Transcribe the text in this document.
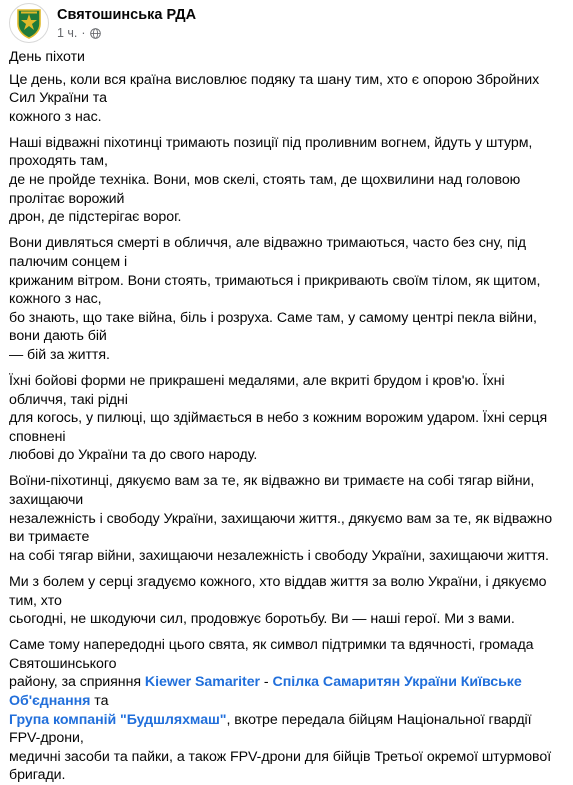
Святошинська РДА
1 ч. ·

День піхоти

Це день, коли вся країна висловлює подяку та шану тим, хто є опорою Збройних Сил України та
кожного з нас.

Наші відважні піхотинці тримають позиції під проливним вогнем, йдуть у штурм, проходять там,
де не пройде техніка. Вони, мов скелі, стоять там, де щохвилини над головою пролітає ворожий
дрон, де підстерігає ворог.

Вони дивляться смерті в обличчя, але відважно тримаються, часто без сну, під палючим сонцем і
крижаним вітром. Вони стоять, тримаються і прикривають своїм тілом, як щитом, кожного з нас,
бо знають, що таке війна, біль і розруха. Саме там, у самому центрі пекла війни, вони дають бій
— бій за життя.

Їхні бойові форми не прикрашені медалями, але вкриті брудом і кров'ю. Їхні обличчя, такі рідні
для когось, у пилюці, що здіймається в небо з кожним ворожим ударом. Їхні серця сповнені
любові до України та до свого народу.

Воїни-піхотинці, дякуємо вам за те, як відважно ви тримаєте на собі тягар війни, захищаючи
незалежність і свободу України, захищаючи життя., дякуємо вам за те, як відважно ви тримаєте
на собі тягар війни, захищаючи незалежність і свободу України, захищаючи життя.

Ми з болем у серці згадуємо кожного, хто віддав життя за волю України, і дякуємо тим, хто
сьогодні, не шкодуючи сил, продовжує боротьбу. Ви — наші герої. Ми з вами.

Саме тому напередодні цього свята, як символ підтримки та вдячності, громада Святошинського
району, за сприяння Kiewer Samariter - Спілка Самаритян України Київське Об'єднання та
Група компаній "Будшляхмаш", вкотре передала бійцям Національної гвардії FPV-дрони,
медичні засоби та пайки, а також FPV-дрони для бійців Третьої окремої штурмової бригади.
